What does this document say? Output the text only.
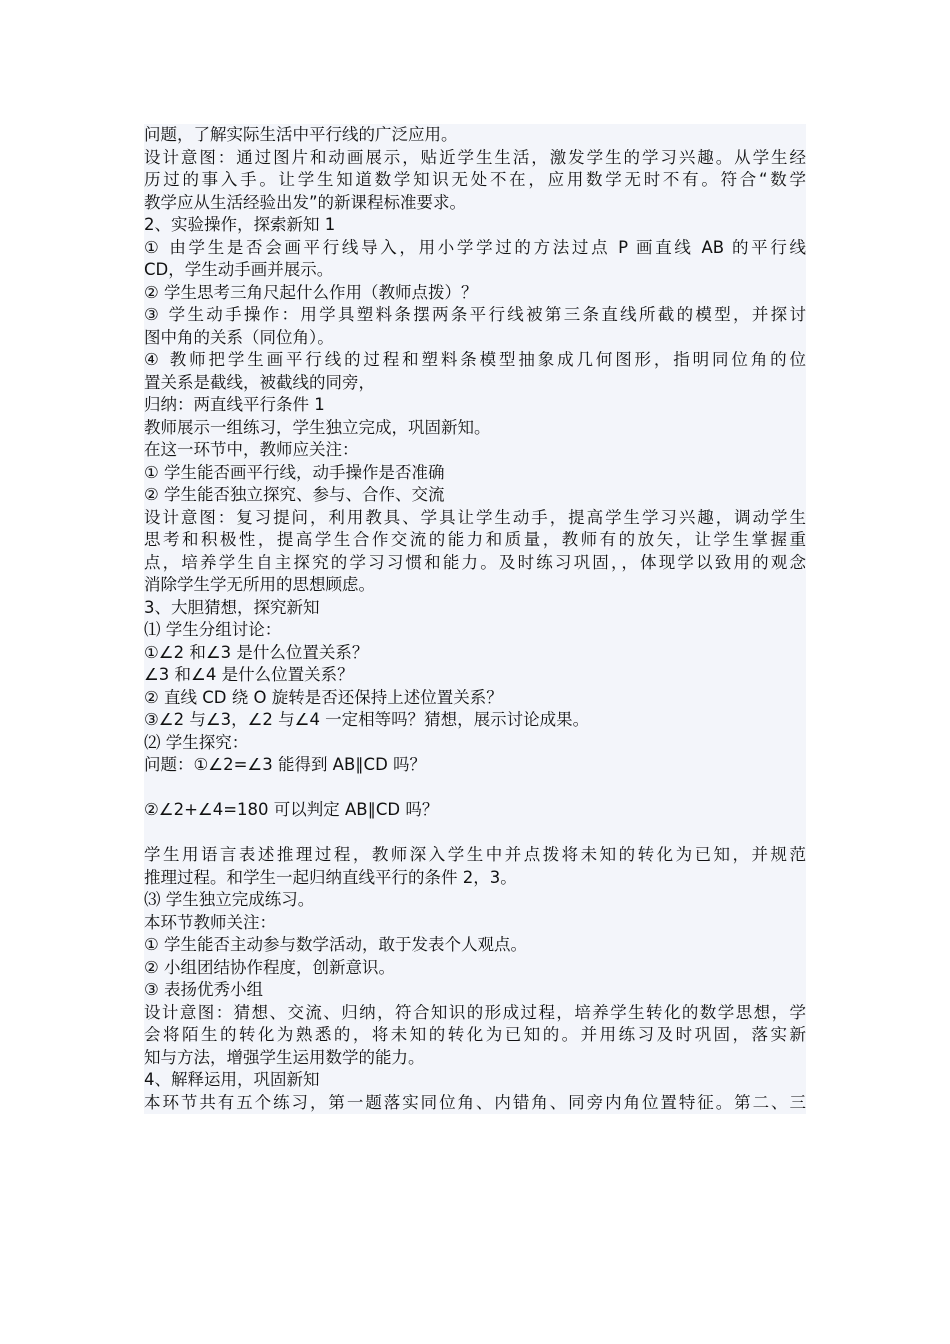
问题，了解实际生活中平行线的广泛应用。
设计意图：通过图片和动画展示，贴近学生生活，激发学生的学习兴趣。从学生经
历过的事入手。让学生知道数学知识无处不在，应用数学无时不有。符合“数学
教学应从生活经验出发”的新课程标准要求。
2、实验操作，探索新知 1
① 由学生是否会画平行线导入，用小学学过的方法过点 P 画直线 AB 的平行线
CD，学生动手画并展示。
② 学生思考三角尺起什么作用（教师点拨）？
③ 学生动手操作：用学具塑料条摆两条平行线被第三条直线所截的模型，并探讨
图中角的关系（同位角）。
④ 教师把学生画平行线的过程和塑料条模型抽象成几何图形，指明同位角的位
置关系是截线，被截线的同旁，
归纳：两直线平行条件 1
教师展示一组练习，学生独立完成，巩固新知。
在这一环节中，教师应关注：
① 学生能否画平行线，动手操作是否准确
② 学生能否独立探究、参与、合作、交流
设计意图：复习提问，利用教具、学具让学生动手，提高学生学习兴趣，调动学生
思考和积极性，提高学生合作交流的能力和质量，教师有的放矢，让学生掌握重
点，培养学生自主探究的学习习惯和能力。及时练习巩固，，体现学以致用的观念
消除学生学无所用的思想顾虑。
3、大胆猜想，探究新知
⑴ 学生分组讨论：
①∠2 和∠3 是什么位置关系？
∠3 和∠4 是什么位置关系？
② 直线 CD 绕 O 旋转是否还保持上述位置关系？
③∠2 与∠3，∠2 与∠4 一定相等吗？猜想，展示讨论成果。
⑵ 学生探究：
问题：①∠2=∠3 能得到 AB∥CD 吗？
②∠2+∠4=180 可以判定 AB∥CD 吗？
学生用语言表述推理过程，教师深入学生中并点拨将未知的转化为已知，并规范
推理过程。和学生一起归纳直线平行的条件 2，3。
⑶ 学生独立完成练习。
本环节教师关注：
① 学生能否主动参与数学活动，敢于发表个人观点。
② 小组团结协作程度，创新意识。
③ 表扬优秀小组
设计意图：猜想、交流、归纳，符合知识的形成过程，培养学生转化的数学思想，学
会将陌生的转化为熟悉的，将未知的转化为已知的。并用练习及时巩固，落实新
知与方法，增强学生运用数学的能力。
4、解释运用，巩固新知
本环节共有五个练习，第一题落实同位角、内错角、同旁内角位置特征。第二、三
